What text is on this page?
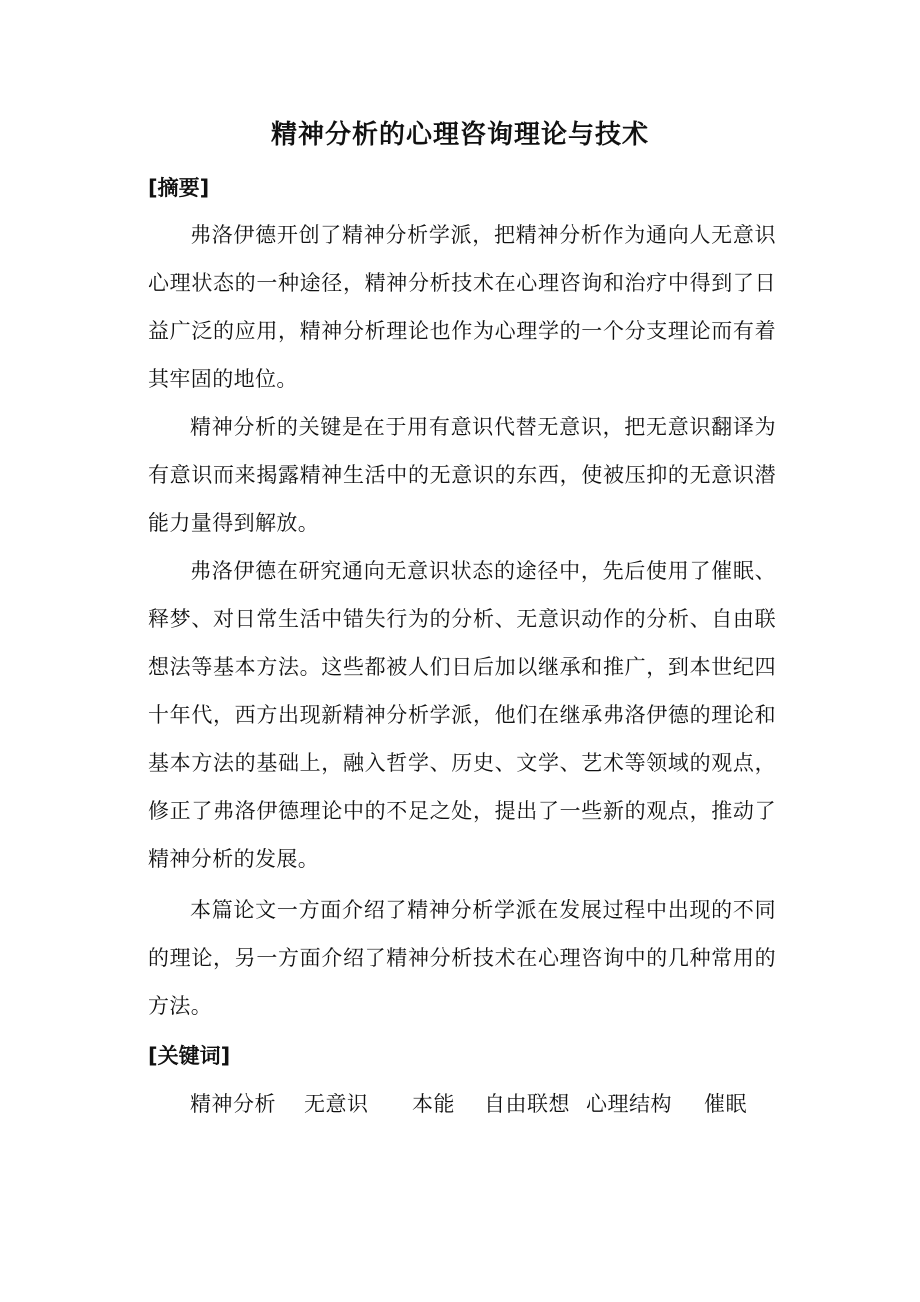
精神分析的心理咨询理论与技术
[摘要]

弗洛伊德开创了精神分析学派，把精神分析作为通向人无意识心理状态的一种途径，精神分析技术在心理咨询和治疗中得到了日益广泛的应用，精神分析理论也作为心理学的一个分支理论而有着其牢固的地位。

精神分析的关键是在于用有意识代替无意识，把无意识翻译为有意识而来揭露精神生活中的无意识的东西，使被压抑的无意识潜能力量得到解放。

弗洛伊德在研究通向无意识状态的途径中，先后使用了催眠、释梦、对日常生活中错失行为的分析、无意识动作的分析、自由联想法等基本方法。这些都被人们日后加以继承和推广，到本世纪四十年代，西方出现新精神分析学派，他们在继承弗洛伊德的理论和基本方法的基础上，融入哲学、历史、文学、艺术等领域的观点，修正了弗洛伊德理论中的不足之处，提出了一些新的观点，推动了精神分析的发展。

本篇论文一方面介绍了精神分析学派在发展过程中出现的不同的理论，另一方面介绍了精神分析技术在心理咨询中的几种常用的方法。

[关键词]
精神分析 无意识 本能 自由联想 心理结构 催眠
